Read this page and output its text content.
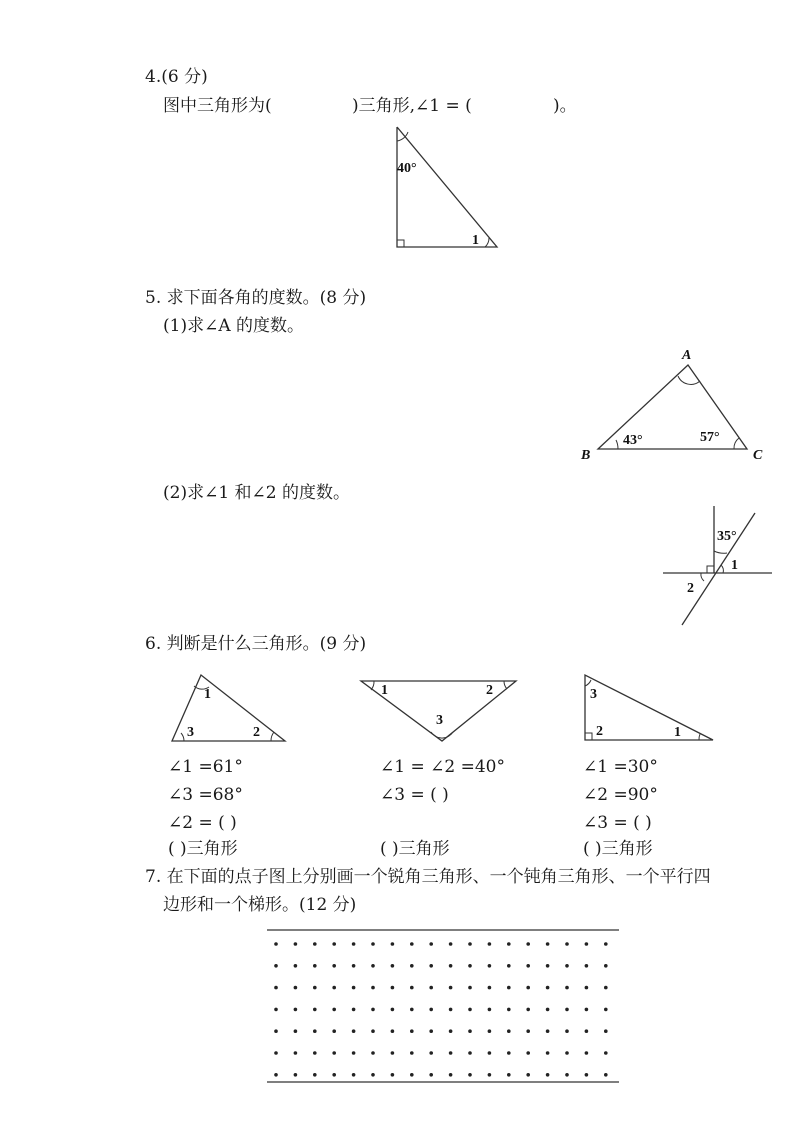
4.(6 分)
图中三角形为(	)三角形,∠1 = (	)。
40°
1
A
B	C
43°	57°
35°
1
2
1
3	2
1	2
3
3
2	1
5. 求下面各角的度数。(8 分)
(1)求∠A 的度数。
(2)求∠1 和∠2 的度数。
6. 判断是什么三角形。(9 分)
∠1 =61°
∠3 =68°
∠2 = ( )
( )三角形
∠1 = ∠2 =40°
∠3 = ( )
( )三角形
∠1 =30°
∠2 =90°
∠3 = ( )
( )三角形
7. 在下面的点子图上分别画一个锐角三角形、一个钝角三角形、一个平行四
边形和一个梯形。(12 分)
